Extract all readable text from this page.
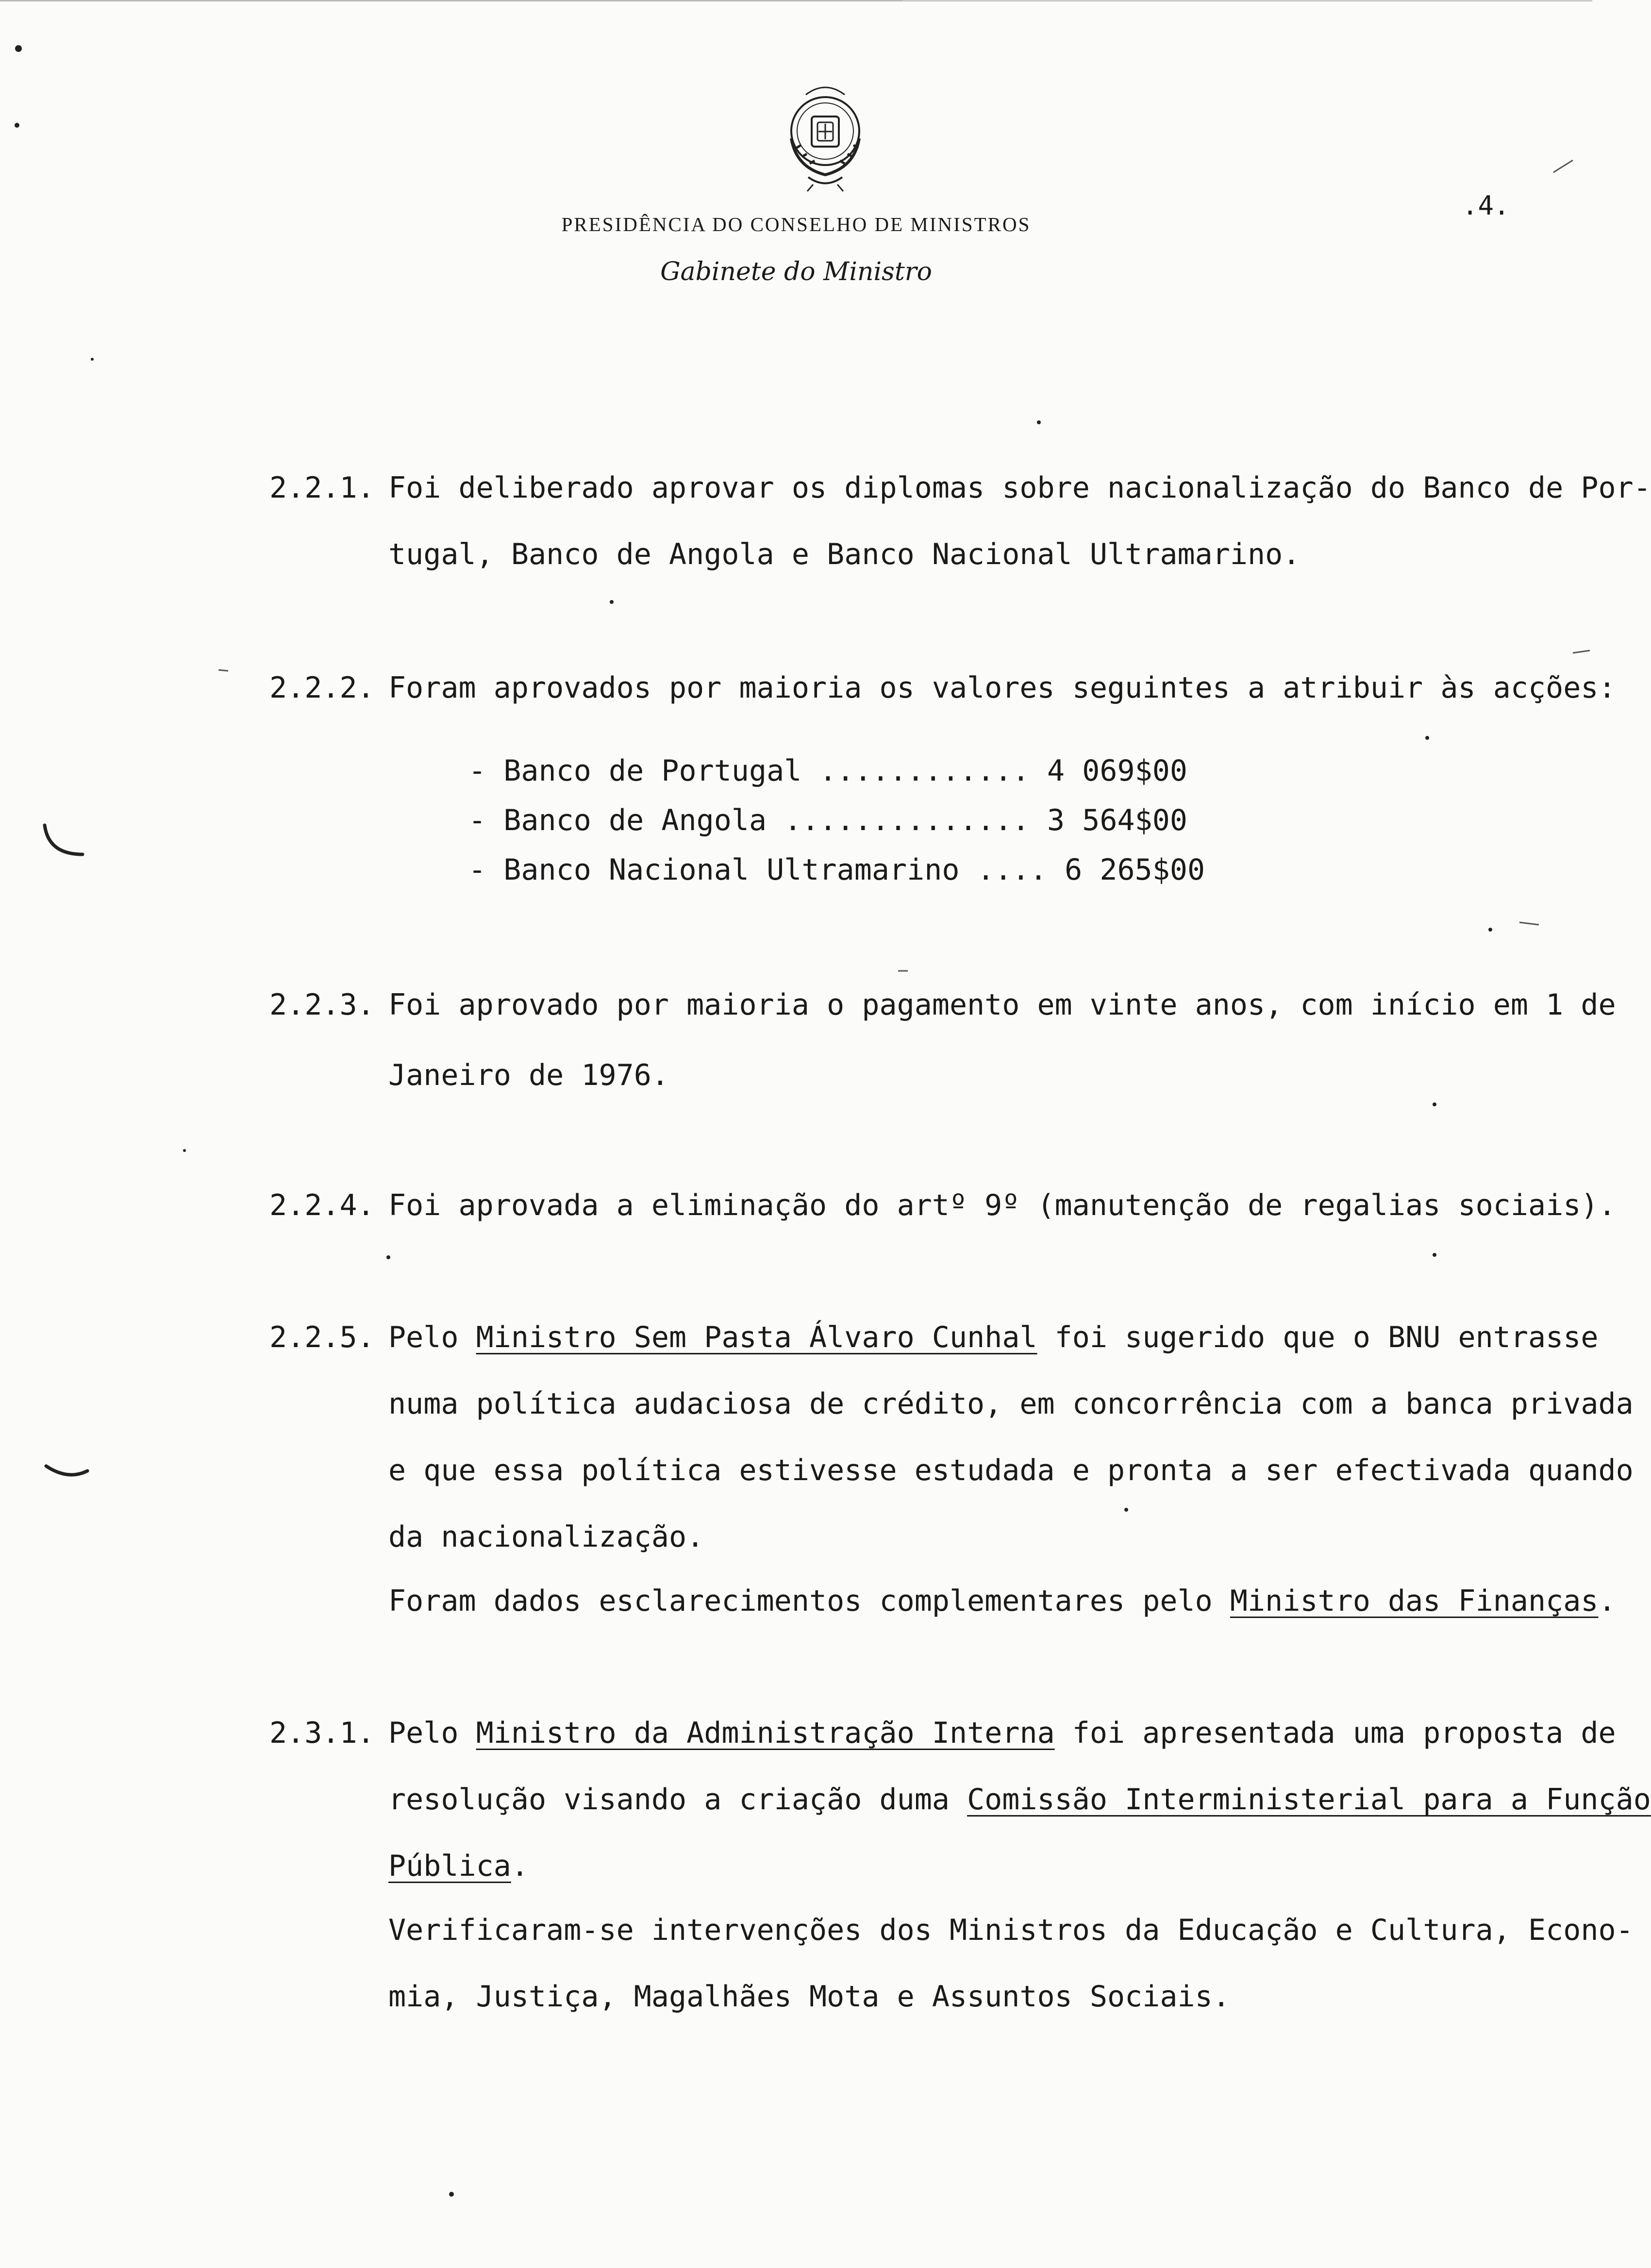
PRESIDÊNCIA DO CONSELHO DE MINISTROS
Gabinete do Ministro
.4.
2.2.1. Foi deliberado aprovar os diplomas sobre nacionalização do Banco de Por-
tugal, Banco de Angola e Banco Nacional Ultramarino.
2.2.2. Foram aprovados por maioria os valores seguintes a atribuir às acções:
- Banco de Portugal ............ 4 069$00
- Banco de Angola .............. 3 564$00
- Banco Nacional Ultramarino .... 6 265$00
2.2.3. Foi aprovado por maioria o pagamento em vinte anos, com início em 1 de
Janeiro de 1976.
2.2.4. Foi aprovada a eliminação do artº 9º (manutenção de regalias sociais).
2.2.5. Pelo Ministro Sem Pasta Álvaro Cunhal foi sugerido que o BNU entrasse
numa política audaciosa de crédito, em concorrência com a banca privada
e que essa política estivesse estudada e pronta a ser efectivada quando
da nacionalização.
Foram dados esclarecimentos complementares pelo Ministro das Finanças.
2.3.1. Pelo Ministro da Administração Interna foi apresentada uma proposta de
resolução visando a criação duma Comissão Interministerial para a Função
Pública.
Verificaram-se intervenções dos Ministros da Educação e Cultura, Econo-
mia, Justiça, Magalhães Mota e Assuntos Sociais.
